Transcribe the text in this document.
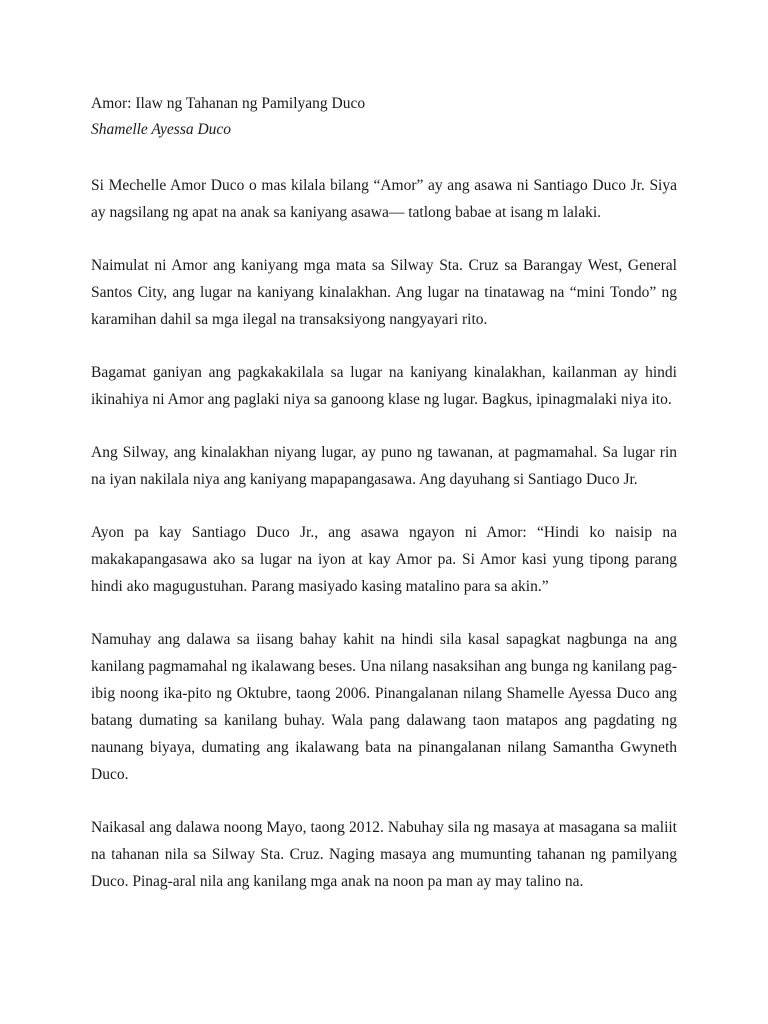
Amor: Ilaw ng Tahanan ng Pamilyang Duco

Shamelle Ayessa Duco

Si Mechelle Amor Duco o mas kilala bilang “Amor” ay ang asawa ni Santiago Duco Jr. Siya ay nagsilang ng apat na anak sa kaniyang asawa— tatlong babae at isang m lalaki.

Naimulat ni Amor ang kaniyang mga mata sa Silway Sta. Cruz sa Barangay West, General Santos City, ang lugar na kaniyang kinalakhan. Ang lugar na tinatawag na “mini Tondo” ng karamihan dahil sa mga ilegal na transaksiyong nangyayari rito.

Bagamat ganiyan ang pagkakakilala sa lugar na kaniyang kinalakhan, kailanman ay hindi ikinahiya ni Amor ang paglaki niya sa ganoong klase ng lugar. Bagkus, ipinagmalaki niya ito.

Ang Silway, ang kinalakhan niyang lugar, ay puno ng tawanan, at pagmamahal. Sa lugar rin na iyan nakilala niya ang kaniyang mapapangasawa. Ang dayuhang si Santiago Duco Jr.

Ayon pa kay Santiago Duco Jr., ang asawa ngayon ni Amor: “Hindi ko naisip na makakapangasawa ako sa lugar na iyon at kay Amor pa. Si Amor kasi yung tipong parang hindi ako magugustuhan. Parang masiyado kasing matalino para sa akin.”

Namuhay ang dalawa sa iisang bahay kahit na hindi sila kasal sapagkat nagbunga na ang kanilang pagmamahal ng ikalawang beses. Una nilang nasaksihan ang bunga ng kanilang pag-ibig noong ika-pito ng Oktubre, taong 2006. Pinangalanan nilang Shamelle Ayessa Duco ang batang dumating sa kanilang buhay. Wala pang dalawang taon matapos ang pagdating ng naunang biyaya, dumating ang ikalawang bata na pinangalanan nilang Samantha Gwyneth Duco.

Naikasal ang dalawa noong Mayo, taong 2012. Nabuhay sila ng masaya at masagana sa maliit na tahanan nila sa Silway Sta. Cruz. Naging masaya ang mumunting tahanan ng pamilyang Duco. Pinag-aral nila ang kanilang mga anak na noon pa man ay may talino na.
